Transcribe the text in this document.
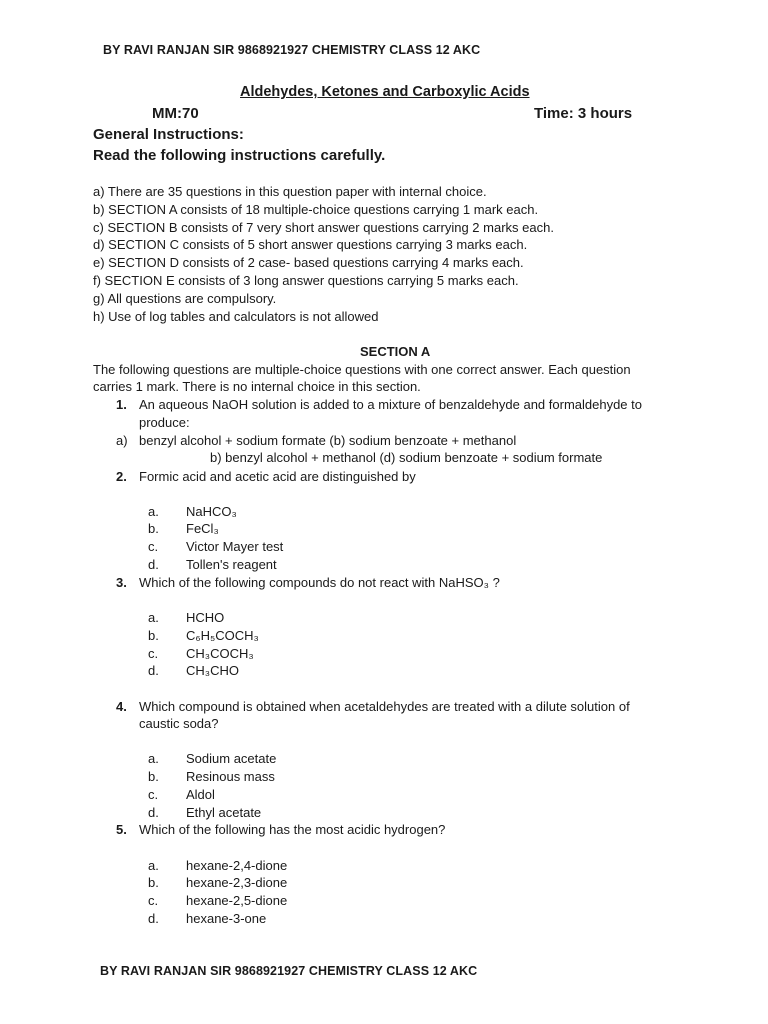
BY RAVI RANJAN SIR 9868921927 CHEMISTRY CLASS 12 AKC
Aldehydes, Ketones and Carboxylic Acids
MM:70	Time: 3 hours
General Instructions:
Read the following instructions carefully.
a) There are 35 questions in this question paper with internal choice.
b) SECTION A consists of 18 multiple-choice questions carrying 1 mark each.
c) SECTION B consists of 7 very short answer questions carrying 2 marks each.
d) SECTION C consists of 5 short answer questions carrying 3 marks each.
e) SECTION D consists of 2 case- based questions carrying 4 marks each.
f) SECTION E consists of 3 long answer questions carrying 5 marks each.
g) All questions are compulsory.
h) Use of log tables and calculators is not allowed
SECTION A
The following questions are multiple-choice questions with one correct answer. Each question
carries 1 mark. There is no internal choice in this section.
1. An aqueous NaOH solution is added to a mixture of benzaldehyde and formaldehyde to
produce:
a) benzyl alcohol + sodium formate (b) sodium benzoate + methanol
b) benzyl alcohol + methanol (d) sodium benzoate + sodium formate
2. Formic acid and acetic acid are distinguished by
a. NaHCO₃
b. FeCl₃
c. Victor Mayer test
d. Tollen's reagent
3. Which of the following compounds do not react with NaHSO₃ ?
a. HCHO
b. C₆H₅COCH₃
c. CH₃COCH₃
d. CH₃CHO
4. Which compound is obtained when acetaldehydes are treated with a dilute solution of
caustic soda?
a. Sodium acetate
b. Resinous mass
c. Aldol
d. Ethyl acetate
5. Which of the following has the most acidic hydrogen?
a. hexane-2,4-dione
b. hexane-2,3-dione
c. hexane-2,5-dione
d. hexane-3-one
BY RAVI RANJAN SIR 9868921927 CHEMISTRY CLASS 12 AKC
